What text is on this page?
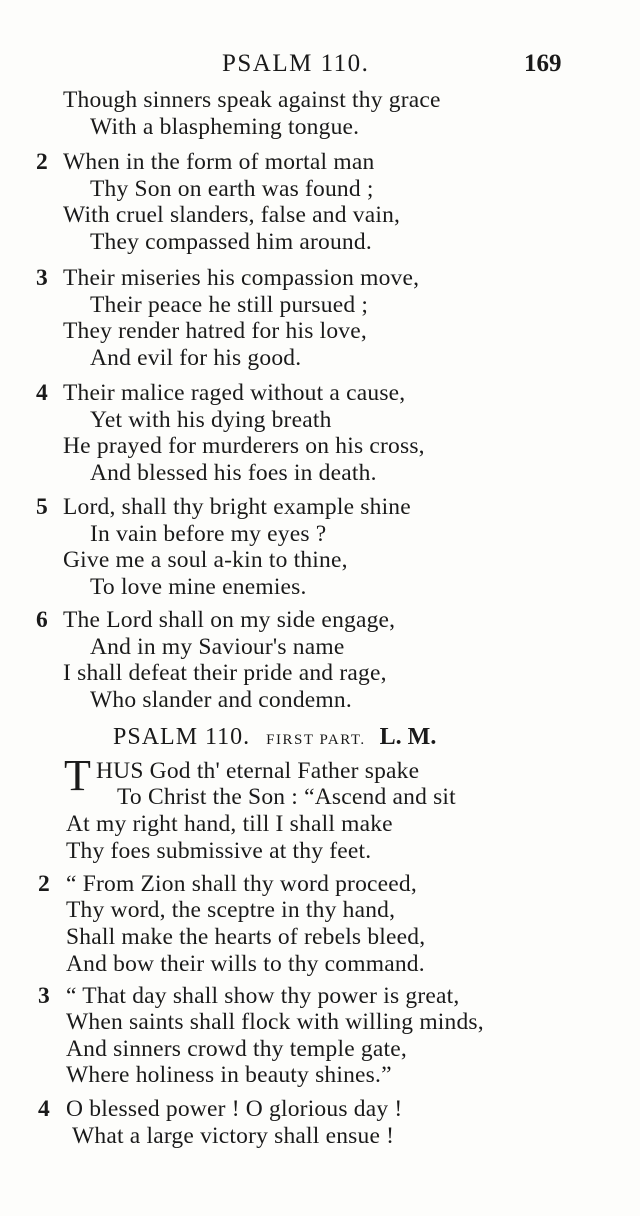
PSALM 110.	169
Though sinners speak against thy grace
With a blaspheming tongue.
2 When in the form of mortal man
Thy Son on earth was found ;
With cruel slanders, false and vain,
They compassed him around.
3 Their miseries his compassion move,
Their peace he still pursued ;
They render hatred for his love,
And evil for his good.
4 Their malice raged without a cause,
Yet with his dying breath
He prayed for murderers on his cross,
And blessed his foes in death.
5 Lord, shall thy bright example shine
In vain before my eyes ?
Give me a soul a-kin to thine,
To love mine enemies.
6 The Lord shall on my side engage,
And in my Saviour's name
I shall defeat their pride and rage,
Who slander and condemn.
PSALM 110. FIRST PART. L. M.
T HUS God th' eternal Father spake
To Christ the Son : “Ascend and sit
At my right hand, till I shall make
Thy foes submissive at thy feet.
2 “ From Zion shall thy word proceed,
Thy word, the sceptre in thy hand,
Shall make the hearts of rebels bleed,
And bow their wills to thy command.
3 “ That day shall show thy power is great,
When saints shall flock with willing minds,
And sinners crowd thy temple gate,
Where holiness in beauty shines.”
4 O blessed power ! O glorious day !
What a large victory shall ensue !
